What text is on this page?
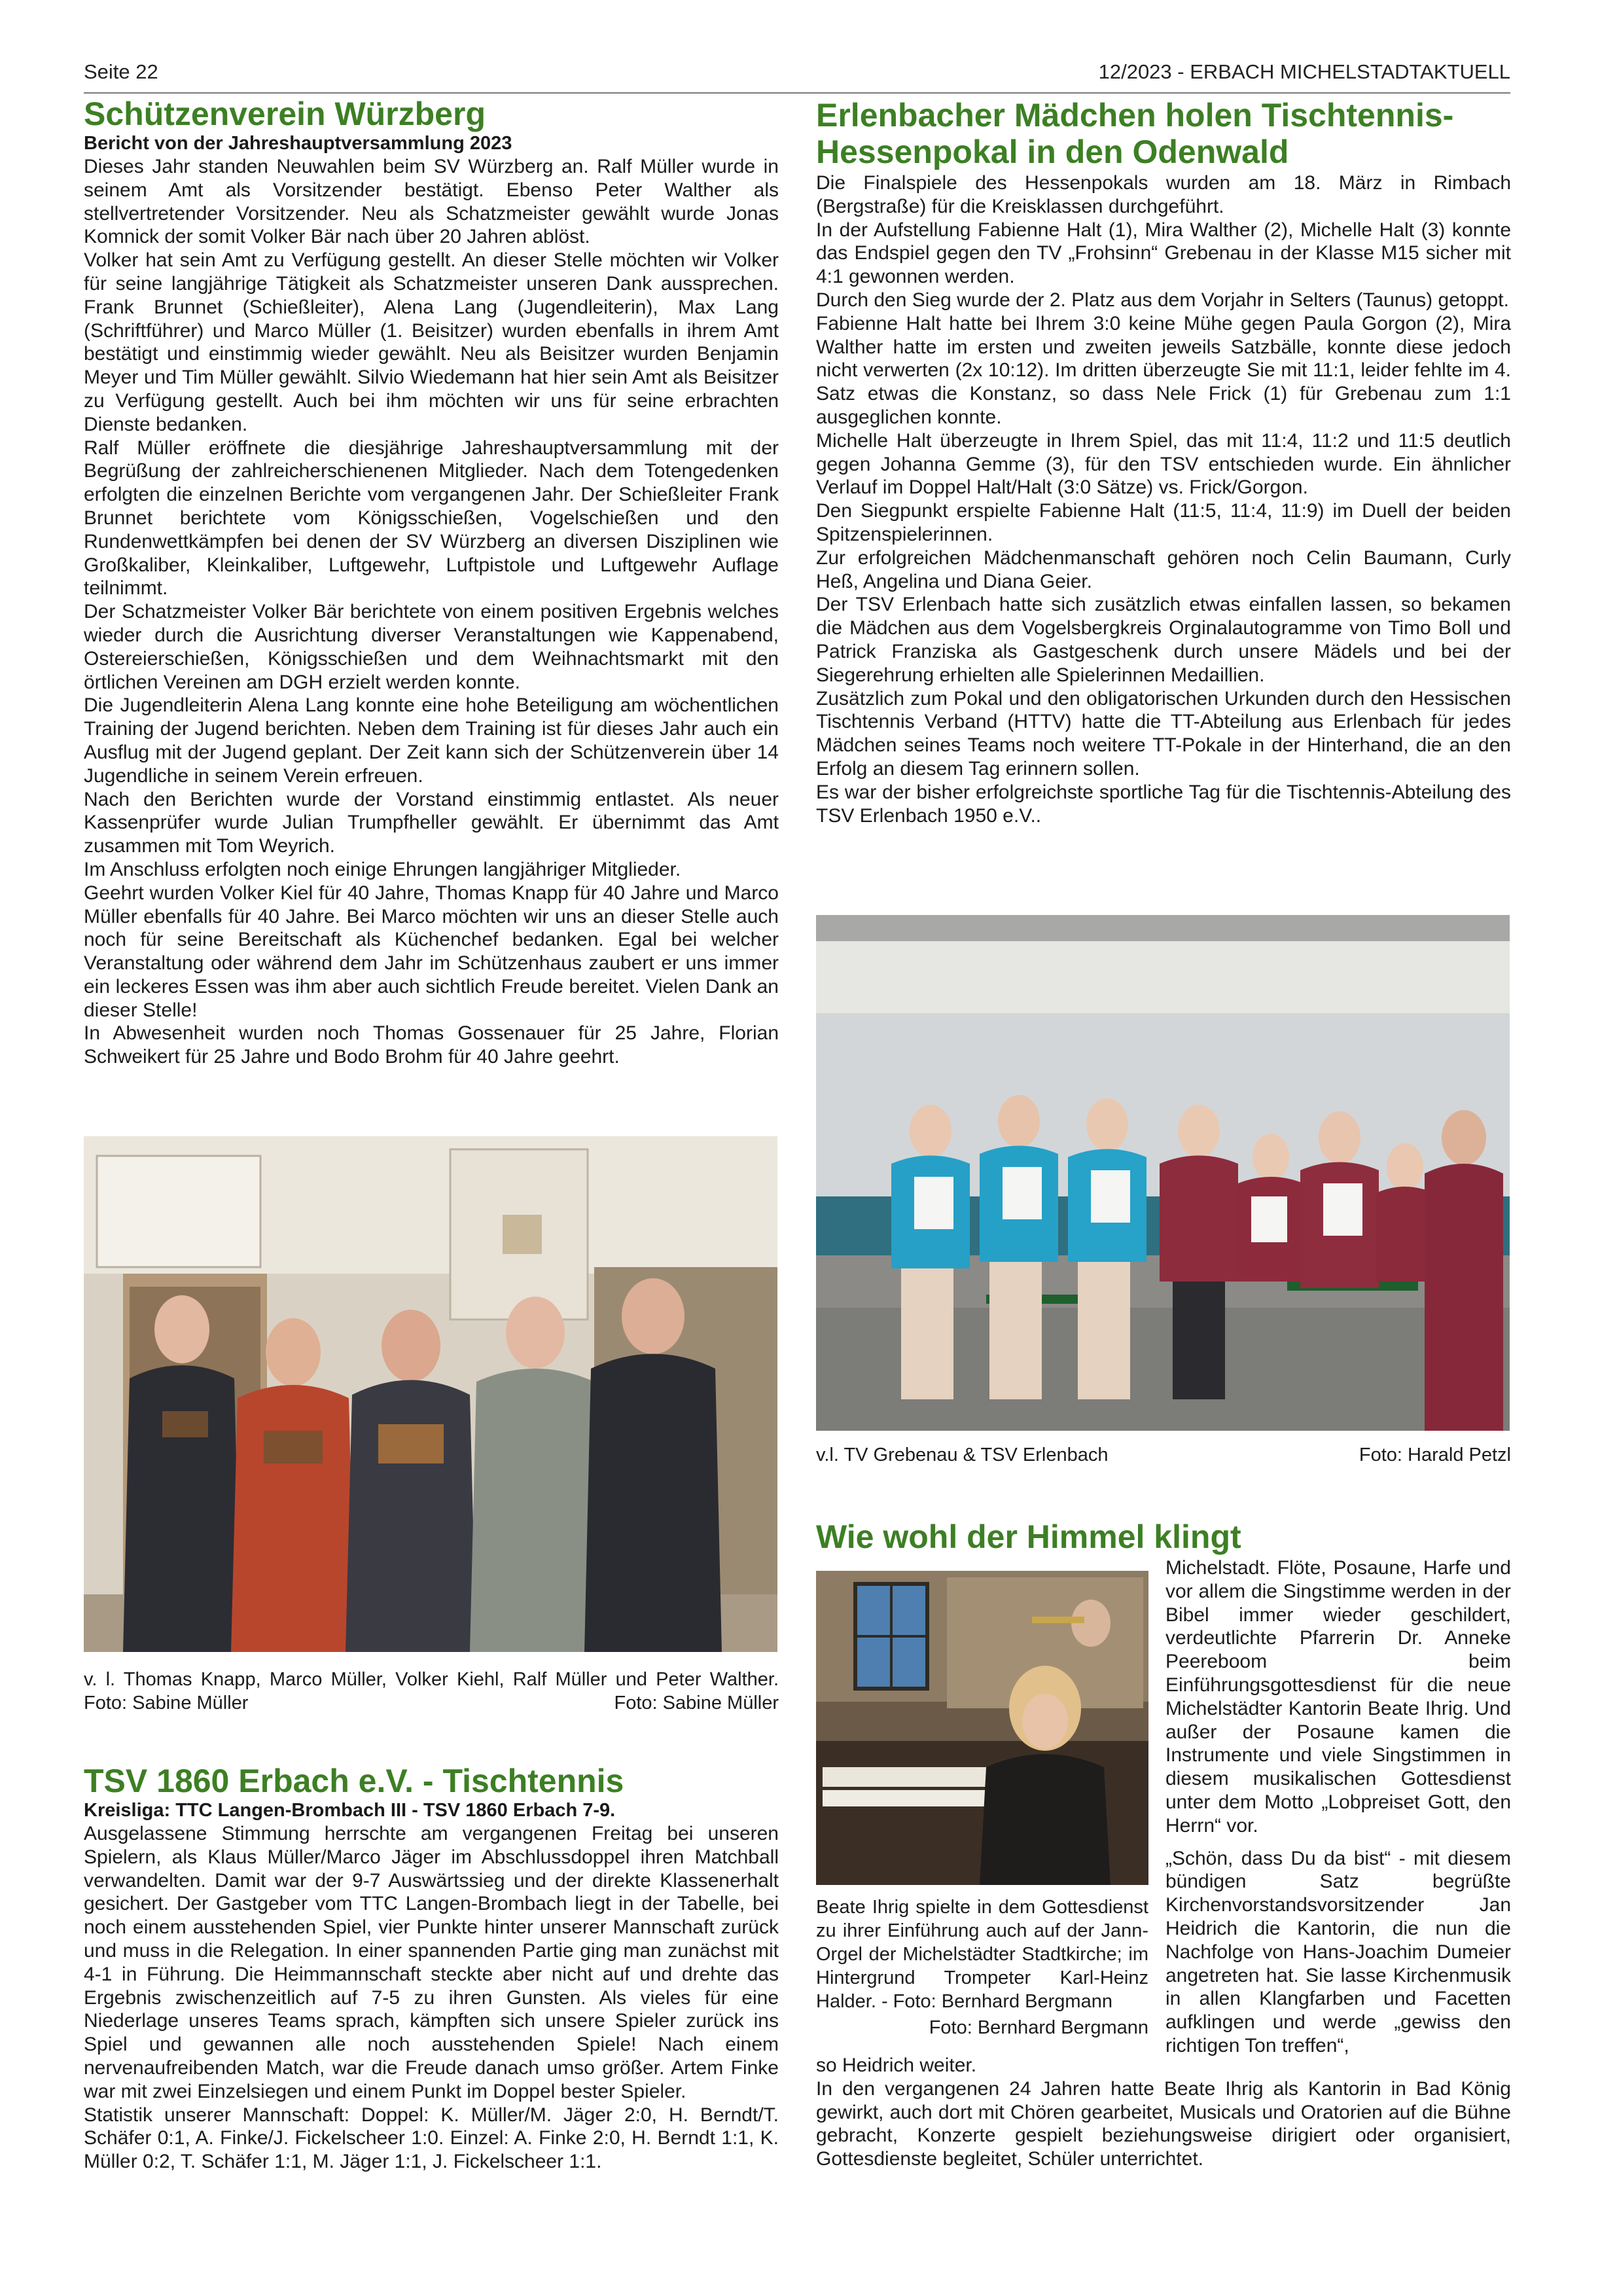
Seite 22	12/2023 - ERBACH MICHELSTADTAKTUELL
Schützenverein Würzberg
Bericht von der Jahreshauptversammlung 2023

Dieses Jahr standen Neuwahlen beim SV Würzberg an. Ralf Müller wurde in seinem Amt als Vorsitzender bestätigt. Ebenso Peter Walther als stellvertretender Vorsitzender. Neu als Schatzmeister gewählt wurde Jonas Komnick der somit Volker Bär nach über 20 Jahren ablöst.

Volker hat sein Amt zu Verfügung gestellt. An dieser Stelle möchten wir Volker für seine langjährige Tätigkeit als Schatzmeister unseren Dank aussprechen. Frank Brunnet (Schießleiter), Alena Lang (Jugendleiterin), Max Lang (Schriftführer) und Marco Müller (1. Beisitzer) wurden ebenfalls in ihrem Amt bestätigt und einstimmig wieder gewählt. Neu als Beisitzer wurden Benjamin Meyer und Tim Müller gewählt. Silvio Wiedemann hat hier sein Amt als Beisitzer zu Verfügung gestellt. Auch bei ihm möchten wir uns für seine erbrachten Dienste bedanken.

Ralf Müller eröffnete die diesjährige Jahreshauptversammlung mit der Begrüßung der zahlreicherschienenen Mitglieder. Nach dem Totengedenken erfolgten die einzelnen Berichte vom vergangenen Jahr. Der Schießleiter Frank Brunnet berichtete vom Königsschießen, Vogelschießen und den Rundenwettkämpfen bei denen der SV Würzberg an diversen Disziplinen wie Großkaliber, Kleinkaliber, Luftgewehr, Luftpistole und Luftgewehr Auflage teilnimmt.

Der Schatzmeister Volker Bär berichtete von einem positiven Ergebnis welches wieder durch die Ausrichtung diverser Veranstaltungen wie Kappenabend, Ostereierschießen, Königsschießen und dem Weihnachtsmarkt mit den örtlichen Vereinen am DGH erzielt werden konnte.

Die Jugendleiterin Alena Lang konnte eine hohe Beteiligung am wöchentlichen Training der Jugend berichten. Neben dem Training ist für dieses Jahr auch ein Ausflug mit der Jugend geplant. Der Zeit kann sich der Schützenverein über 14 Jugendliche in seinem Verein erfreuen.

Nach den Berichten wurde der Vorstand einstimmig entlastet. Als neuer Kassenprüfer wurde Julian Trumpfheller gewählt. Er übernimmt das Amt zusammen mit Tom Weyrich.

Im Anschluss erfolgten noch einige Ehrungen langjähriger Mitglieder.

Geehrt wurden Volker Kiel für 40 Jahre, Thomas Knapp für 40 Jahre und Marco Müller ebenfalls für 40 Jahre. Bei Marco möchten wir uns an dieser Stelle auch noch für seine Bereitschaft als Küchenchef bedanken. Egal bei welcher Veranstaltung oder während dem Jahr im Schützenhaus zaubert er uns immer ein leckeres Essen was ihm aber auch sichtlich Freude bereitet. Vielen Dank an dieser Stelle!

In Abwesenheit wurden noch Thomas Gossenauer für 25 Jahre, Florian Schweikert für 25 Jahre und Bodo Brohm für 40 Jahre geehrt.

v. l. Thomas Knapp, Marco Müller, Volker Kiehl, Ralf Müller und Peter Walther. Foto: Sabine Müller	Foto: Sabine Müller
TSV 1860 Erbach e.V. - Tischtennis
Kreisliga: TTC Langen-Brombach III - TSV 1860 Erbach 7-9.

Ausgelassene Stimmung herrschte am vergangenen Freitag bei unseren Spielern, als Klaus Müller/Marco Jäger im Abschlussdoppel ihren Matchball verwandelten. Damit war der 9-7 Auswärtssieg und der direkte Klassenerhalt gesichert. Der Gastgeber vom TTC Langen-Brombach liegt in der Tabelle, bei noch einem ausstehenden Spiel, vier Punkte hinter unserer Mannschaft zurück und muss in die Relegation. In einer spannenden Partie ging man zunächst mit 4-1 in Führung. Die Heimmannschaft steckte aber nicht auf und drehte das Ergebnis zwischenzeitlich auf 7-5 zu ihren Gunsten. Als vieles für eine Niederlage unseres Teams sprach, kämpften sich unsere Spieler zurück ins Spiel und gewannen alle noch ausstehenden Spiele! Nach einem nervenaufreibenden Match, war die Freude danach umso größer. Artem Finke war mit zwei Einzelsiegen und einem Punkt im Doppel bester Spieler.

Statistik unserer Mannschaft: Doppel: K. Müller/M. Jäger 2:0, H. Berndt/T. Schäfer 0:1, A. Finke/J. Fickelscheer 1:0. Einzel: A. Finke 2:0, H. Berndt 1:1, K. Müller 0:2, T. Schäfer 1:1, M. Jäger 1:1, J. Fickelscheer 1:1.

Erlenbacher Mädchen holen Tischtennis-
Hessenpokal in den Odenwald

Die Finalspiele des Hessenpokals wurden am 18. März in Rimbach (Bergstraße) für die Kreisklassen durchgeführt.

In der Aufstellung Fabienne Halt (1), Mira Walther (2), Michelle Halt (3) konnte das Endspiel gegen den TV „Frohsinn“ Grebenau in der Klasse M15 sicher mit 4:1 gewonnen werden.

Durch den Sieg wurde der 2. Platz aus dem Vorjahr in Selters (Taunus) getoppt.

Fabienne Halt hatte bei Ihrem 3:0 keine Mühe gegen Paula Gorgon (2), Mira Walther hatte im ersten und zweiten jeweils Satzbälle, konnte diese jedoch nicht verwerten (2x 10:12). Im dritten überzeugte Sie mit 11:1, leider fehlte im 4. Satz etwas die Konstanz, so dass Nele Frick (1) für Grebenau zum 1:1 ausgeglichen konnte.

Michelle Halt überzeugte in Ihrem Spiel, das mit 11:4, 11:2 und 11:5 deutlich gegen Johanna Gemme (3), für den TSV entschieden wurde. Ein ähnlicher Verlauf im Doppel Halt/Halt (3:0 Sätze) vs. Frick/Gorgon.

Den Siegpunkt erspielte Fabienne Halt (11:5, 11:4, 11:9) im Duell der beiden Spitzenspielerinnen.

Zur erfolgreichen Mädchenmanschaft gehören noch Celin Baumann, Curly Heß, Angelina und Diana Geier.

Der TSV Erlenbach hatte sich zusätzlich etwas einfallen lassen, so bekamen die Mädchen aus dem Vogelsbergkreis Orginalautogramme von Timo Boll und Patrick Franziska als Gastgeschenk durch unsere Mädels und bei der Siegerehrung erhielten alle Spielerinnen Medaillien.

Zusätzlich zum Pokal und den obligatorischen Urkunden durch den Hessischen Tischtennis Verband (HTTV) hatte die TT-Abteilung aus Erlenbach für jedes Mädchen seines Teams noch weitere TT-Pokale in der Hinterhand, die an den Erfolg an diesem Tag erinnern sollen.

Es war der bisher erfolgreichste sportliche Tag für die Tischtennis-Abteilung des TSV Erlenbach 1950 e.V..

v.l. TV Grebenau & TSV Erlenbach	Foto: Harald Petzl
Wie wohl der Himmel klingt
Beate Ihrig spielte in dem Gottesdienst zu ihrer Einführung auch auf der Jann-Orgel der Michelstädter Stadtkirche; im Hintergrund Trompeter Karl-Heinz Halder. - Foto: Bernhard Bergmann
Foto: Bernhard Bergmann

Michelstadt. Flöte, Posaune, Harfe und vor allem die Singstimme werden in der Bibel immer wieder geschildert, verdeutlichte Pfarrerin Dr. Anneke Peereboom beim Einführungsgottesdienst für die neue Michelstädter Kantorin Beate Ihrig. Und außer der Posaune kamen die Instrumente und viele Singstimmen in diesem musikalischen Gottesdienst unter dem Motto „Lobpreiset Gott, den Herrn“ vor.

„Schön, dass Du da bist“ - mit diesem bündigen Satz begrüßte Kirchenvorstandsvorsitzender Jan Heidrich die Kantorin, die nun die Nachfolge von Hans-Joachim Dumeier angetreten hat. Sie lasse Kirchenmusik in allen Klangfarben und Facetten aufklingen und werde „gewiss den richtigen Ton treffen“,

so Heidrich weiter.

In den vergangenen 24 Jahren hatte Beate Ihrig als Kantorin in Bad König gewirkt, auch dort mit Chören gearbeitet, Musicals und Oratorien auf die Bühne gebracht, Konzerte gespielt beziehungsweise dirigiert oder organisiert, Gottesdienste begleitet, Schüler unterrichtet.
